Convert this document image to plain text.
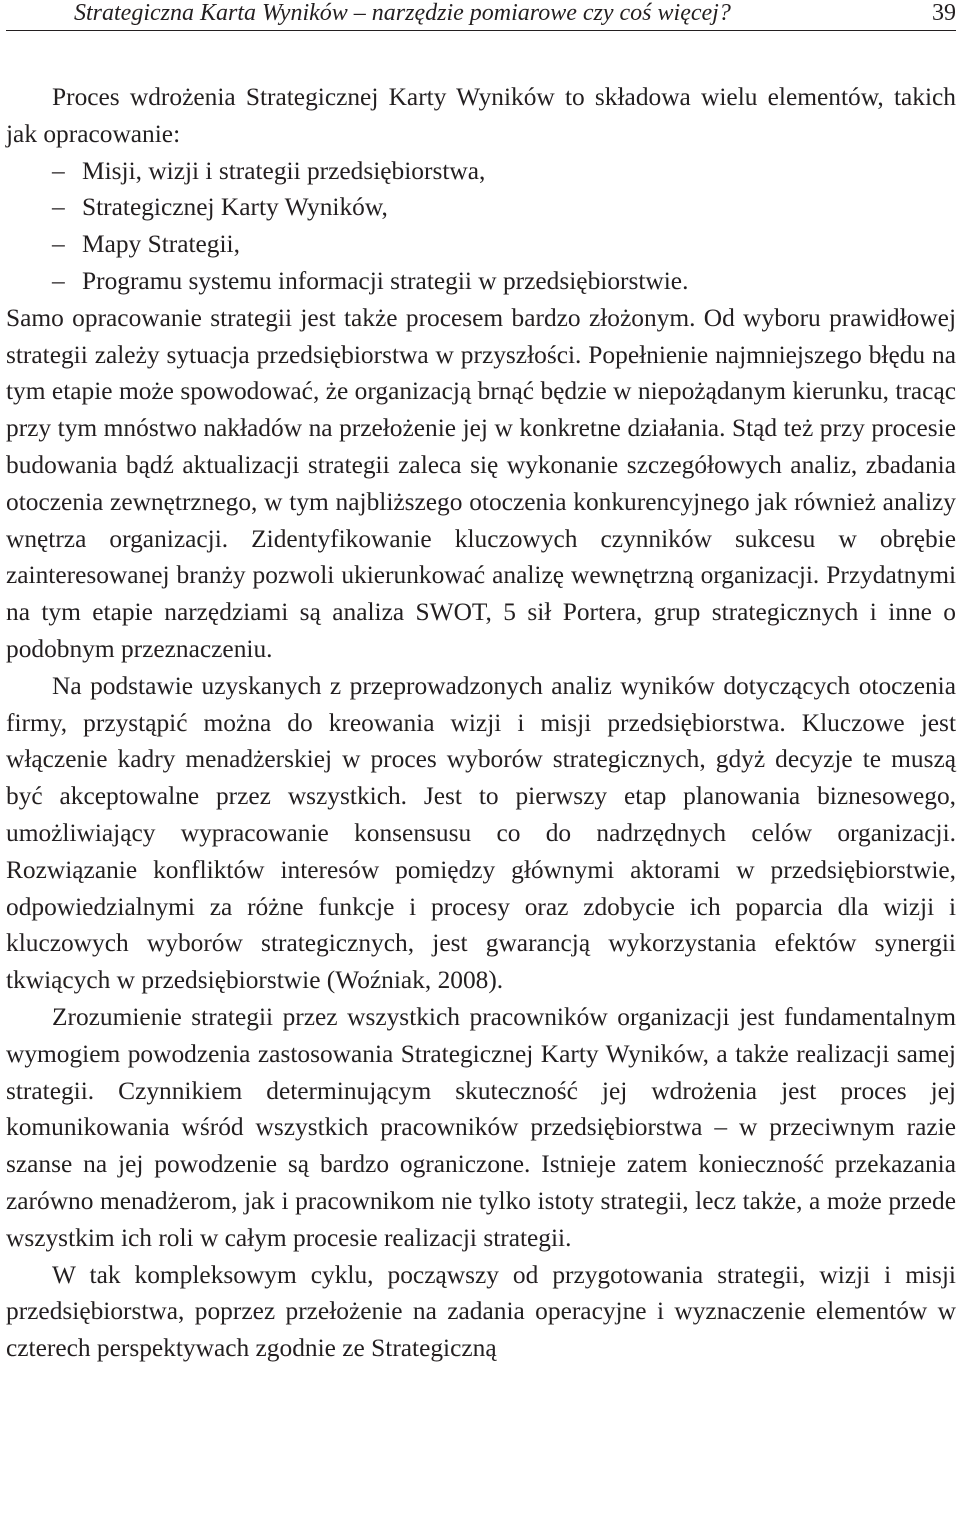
Strategiczna Karta Wyników – narzędzie pomiarowe czy coś więcej?	39

Proces wdrożenia Strategicznej Karty Wyników to składowa wielu elementów, takich jak opracowanie:

– Misji, wizji i strategii przedsiębiorstwa,
– Strategicznej Karty Wyników,
– Mapy Strategii,
– Programu systemu informacji strategii w przedsiębiorstwie.

Samo opracowanie strategii jest także procesem bardzo złożonym. Od wyboru prawidłowej strategii zależy sytuacja przedsiębiorstwa w przyszłości. Popełnienie najmniejszego błędu na tym etapie może spowodować, że organizacją brnąć będzie w niepożądanym kierunku, tracąc przy tym mnóstwo nakładów na przełożenie jej w konkretne działania. Stąd też przy procesie budowania bądź aktualizacji strategii zaleca się wykonanie szczegółowych analiz, zbadania otoczenia zewnętrznego, w tym najbliższego otoczenia konkurencyjnego jak również analizy wnętrza organizacji. Zidentyfikowanie kluczowych czynników sukcesu w obrębie zainteresowanej branży pozwoli ukierunkować analizę wewnętrzną organizacji. Przydatnymi na tym etapie narzędziami są analiza SWOT, 5 sił Portera, grup strategicznych i inne o podobnym przeznaczeniu.

Na podstawie uzyskanych z przeprowadzonych analiz wyników dotyczących otoczenia firmy, przystąpić można do kreowania wizji i misji przedsiębiorstwa. Kluczowe jest włączenie kadry menadżerskiej w proces wyborów strategicznych, gdyż decyzje te muszą być akceptowalne przez wszystkich. Jest to pierwszy etap planowania biznesowego, umożliwiający wypracowanie konsensusu co do nadrzędnych celów organizacji. Rozwiązanie konfliktów interesów pomiędzy głównymi aktorami w przedsiębiorstwie, odpowiedzialnymi za różne funkcje i procesy oraz zdobycie ich poparcia dla wizji i kluczowych wyborów strategicznych, jest gwarancją wykorzystania efektów synergii tkwiących w przedsiębiorstwie (Woźniak, 2008).

Zrozumienie strategii przez wszystkich pracowników organizacji jest fundamentalnym wymogiem powodzenia zastosowania Strategicznej Karty Wyników, a także realizacji samej strategii. Czynnikiem determinującym skuteczność jej wdrożenia jest proces jej komunikowania wśród wszystkich pracowników przedsiębiorstwa – w przeciwnym razie szanse na jej powodzenie są bardzo ograniczone. Istnieje zatem konieczność przekazania zarówno menadżerom, jak i pracownikom nie tylko istoty strategii, lecz także, a może przede wszystkim ich roli w całym procesie realizacji strategii.

W tak kompleksowym cyklu, począwszy od przygotowania strategii, wizji i misji przedsiębiorstwa, poprzez przełożenie na zadania operacyjne i wyznaczenie elementów w czterech perspektywach zgodnie ze Strategiczną
